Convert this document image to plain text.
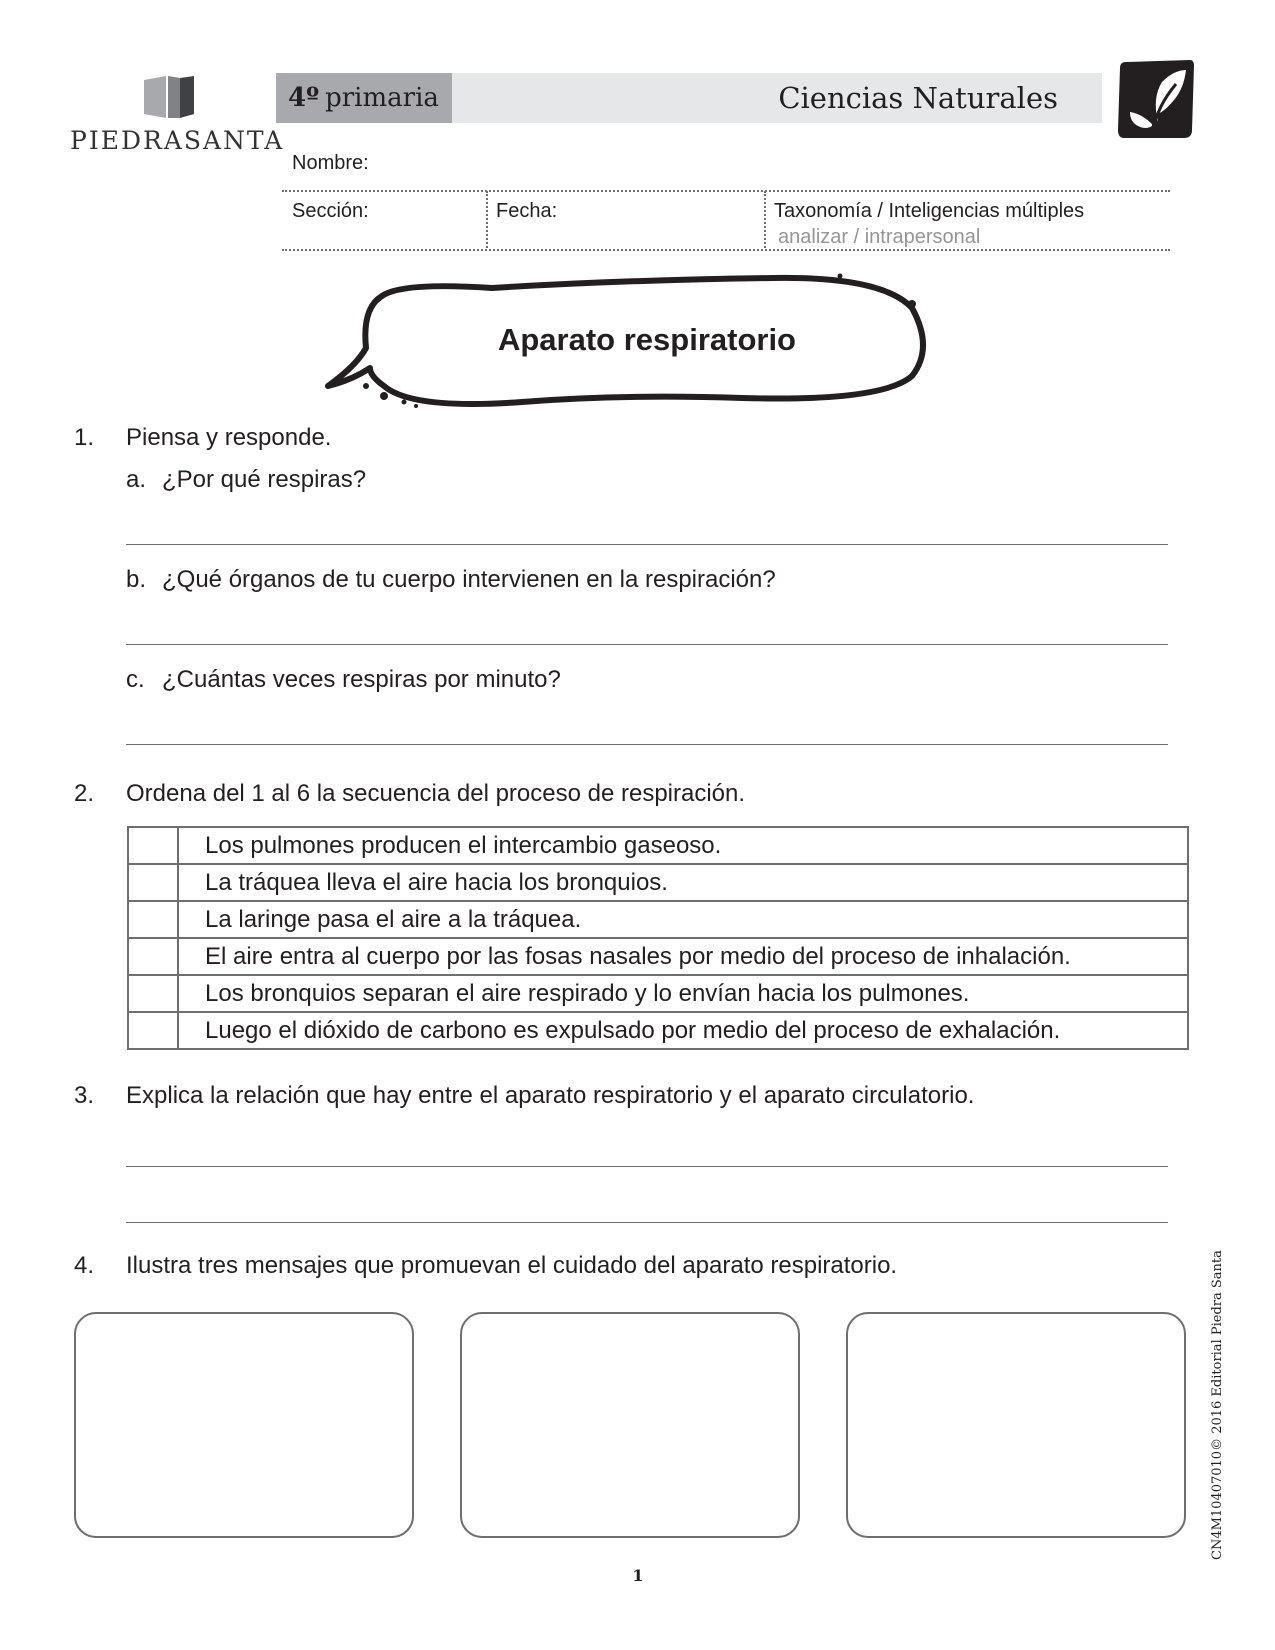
PIEDRASANTA
4º primaria	Ciencias Naturales
Nombre:
Sección:	Fecha:	Taxonomía / Inteligencias múltiples
analizar / intrapersonal
Aparato respiratorio
1. Piensa y responde.
a. ¿Por qué respiras?
b. ¿Qué órganos de tu cuerpo intervienen en la respiración?
c. ¿Cuántas veces respiras por minuto?
2. Ordena del 1 al 6 la secuencia del proceso de respiración.
	Los pulmones producen el intercambio gaseoso.
	La tráquea lleva el aire hacia los bronquios.
	La laringe pasa el aire a la tráquea.
	El aire entra al cuerpo por las fosas nasales por medio del proceso de inhalación.
	Los bronquios separan el aire respirado y lo envían hacia los pulmones.
	Luego el dióxido de carbono es expulsado por medio del proceso de exhalación.
3. Explica la relación que hay entre el aparato respiratorio y el aparato circulatorio.
4. Ilustra tres mensajes que promuevan el cuidado del aparato respiratorio.	CN4M10407010© 2016 Editorial Piedra Santa
1
